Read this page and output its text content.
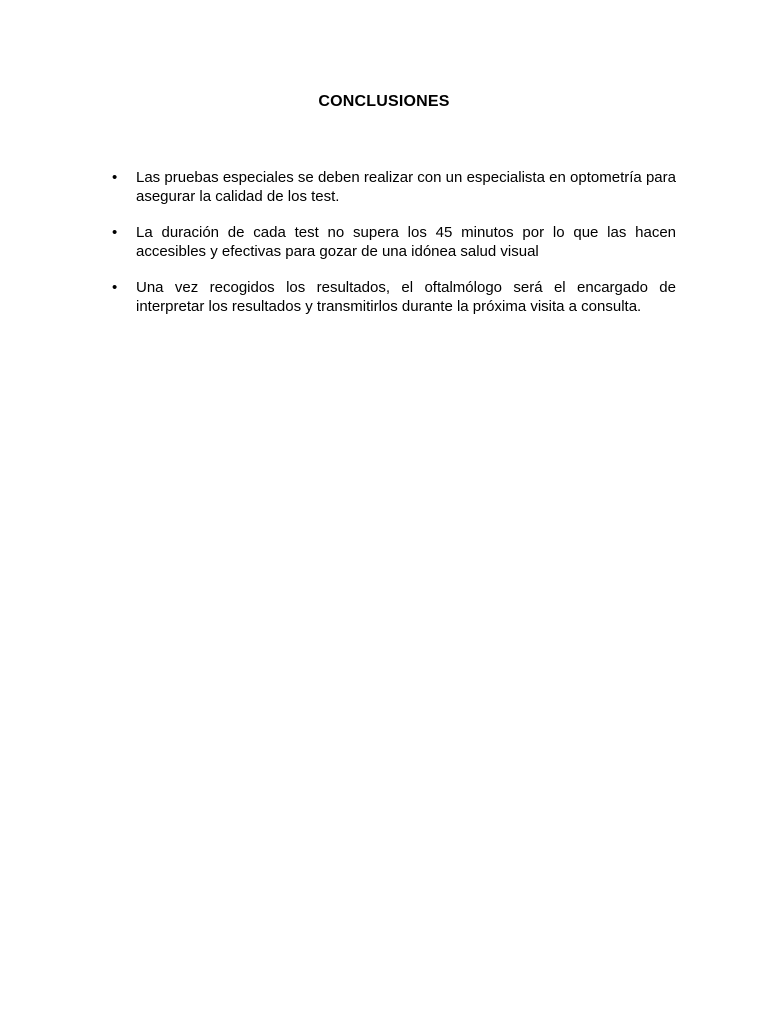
CONCLUSIONES
• Las pruebas especiales se deben realizar con un especialista en optometría para asegurar la calidad de los test.
• La duración de cada test no supera los 45 minutos por lo que las hacen accesibles y efectivas para gozar de una idónea salud visual
• Una vez recogidos los resultados, el oftalmólogo será el encargado de interpretar los resultados y transmitirlos durante la próxima visita a consulta.
